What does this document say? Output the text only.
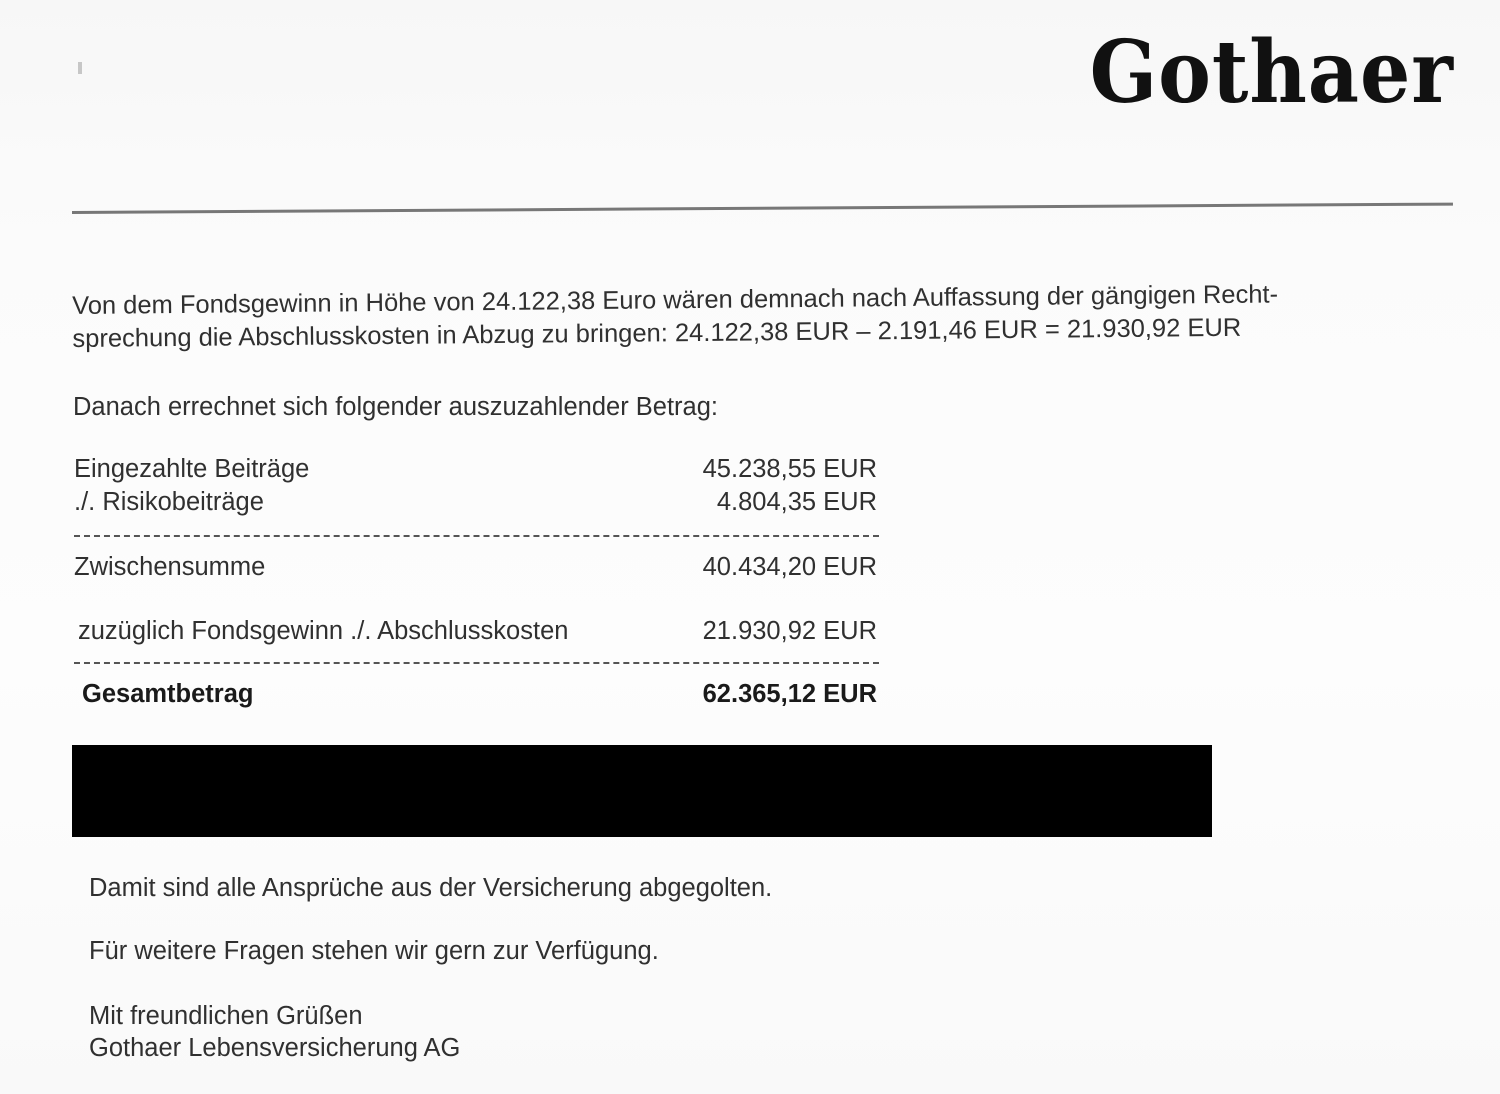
Gothaer

Von dem Fondsgewinn in Höhe von 24.122,38 Euro wären demnach nach Auffassung der gängigen Recht-

sprechung die Abschlusskosten in Abzug zu bringen: 24.122,38 EUR – 2.191,46 EUR = 21.930,92 EUR

Danach errechnet sich folgender auszuzahlender Betrag:
Eingezahlte Beiträge	45.238,55 EUR
./. Risikobeiträge	4.804,35 EUR
Zwischensumme	40.434,20 EUR
zuzüglich Fondsgewinn ./. Abschlusskosten	21.930,92 EUR
Gesamtbetrag	62.365,12 EUR

Damit sind alle Ansprüche aus der Versicherung abgegolten.

Für weitere Fragen stehen wir gern zur Verfügung.

Mit freundlichen Grüßen

Gothaer Lebensversicherung AG
